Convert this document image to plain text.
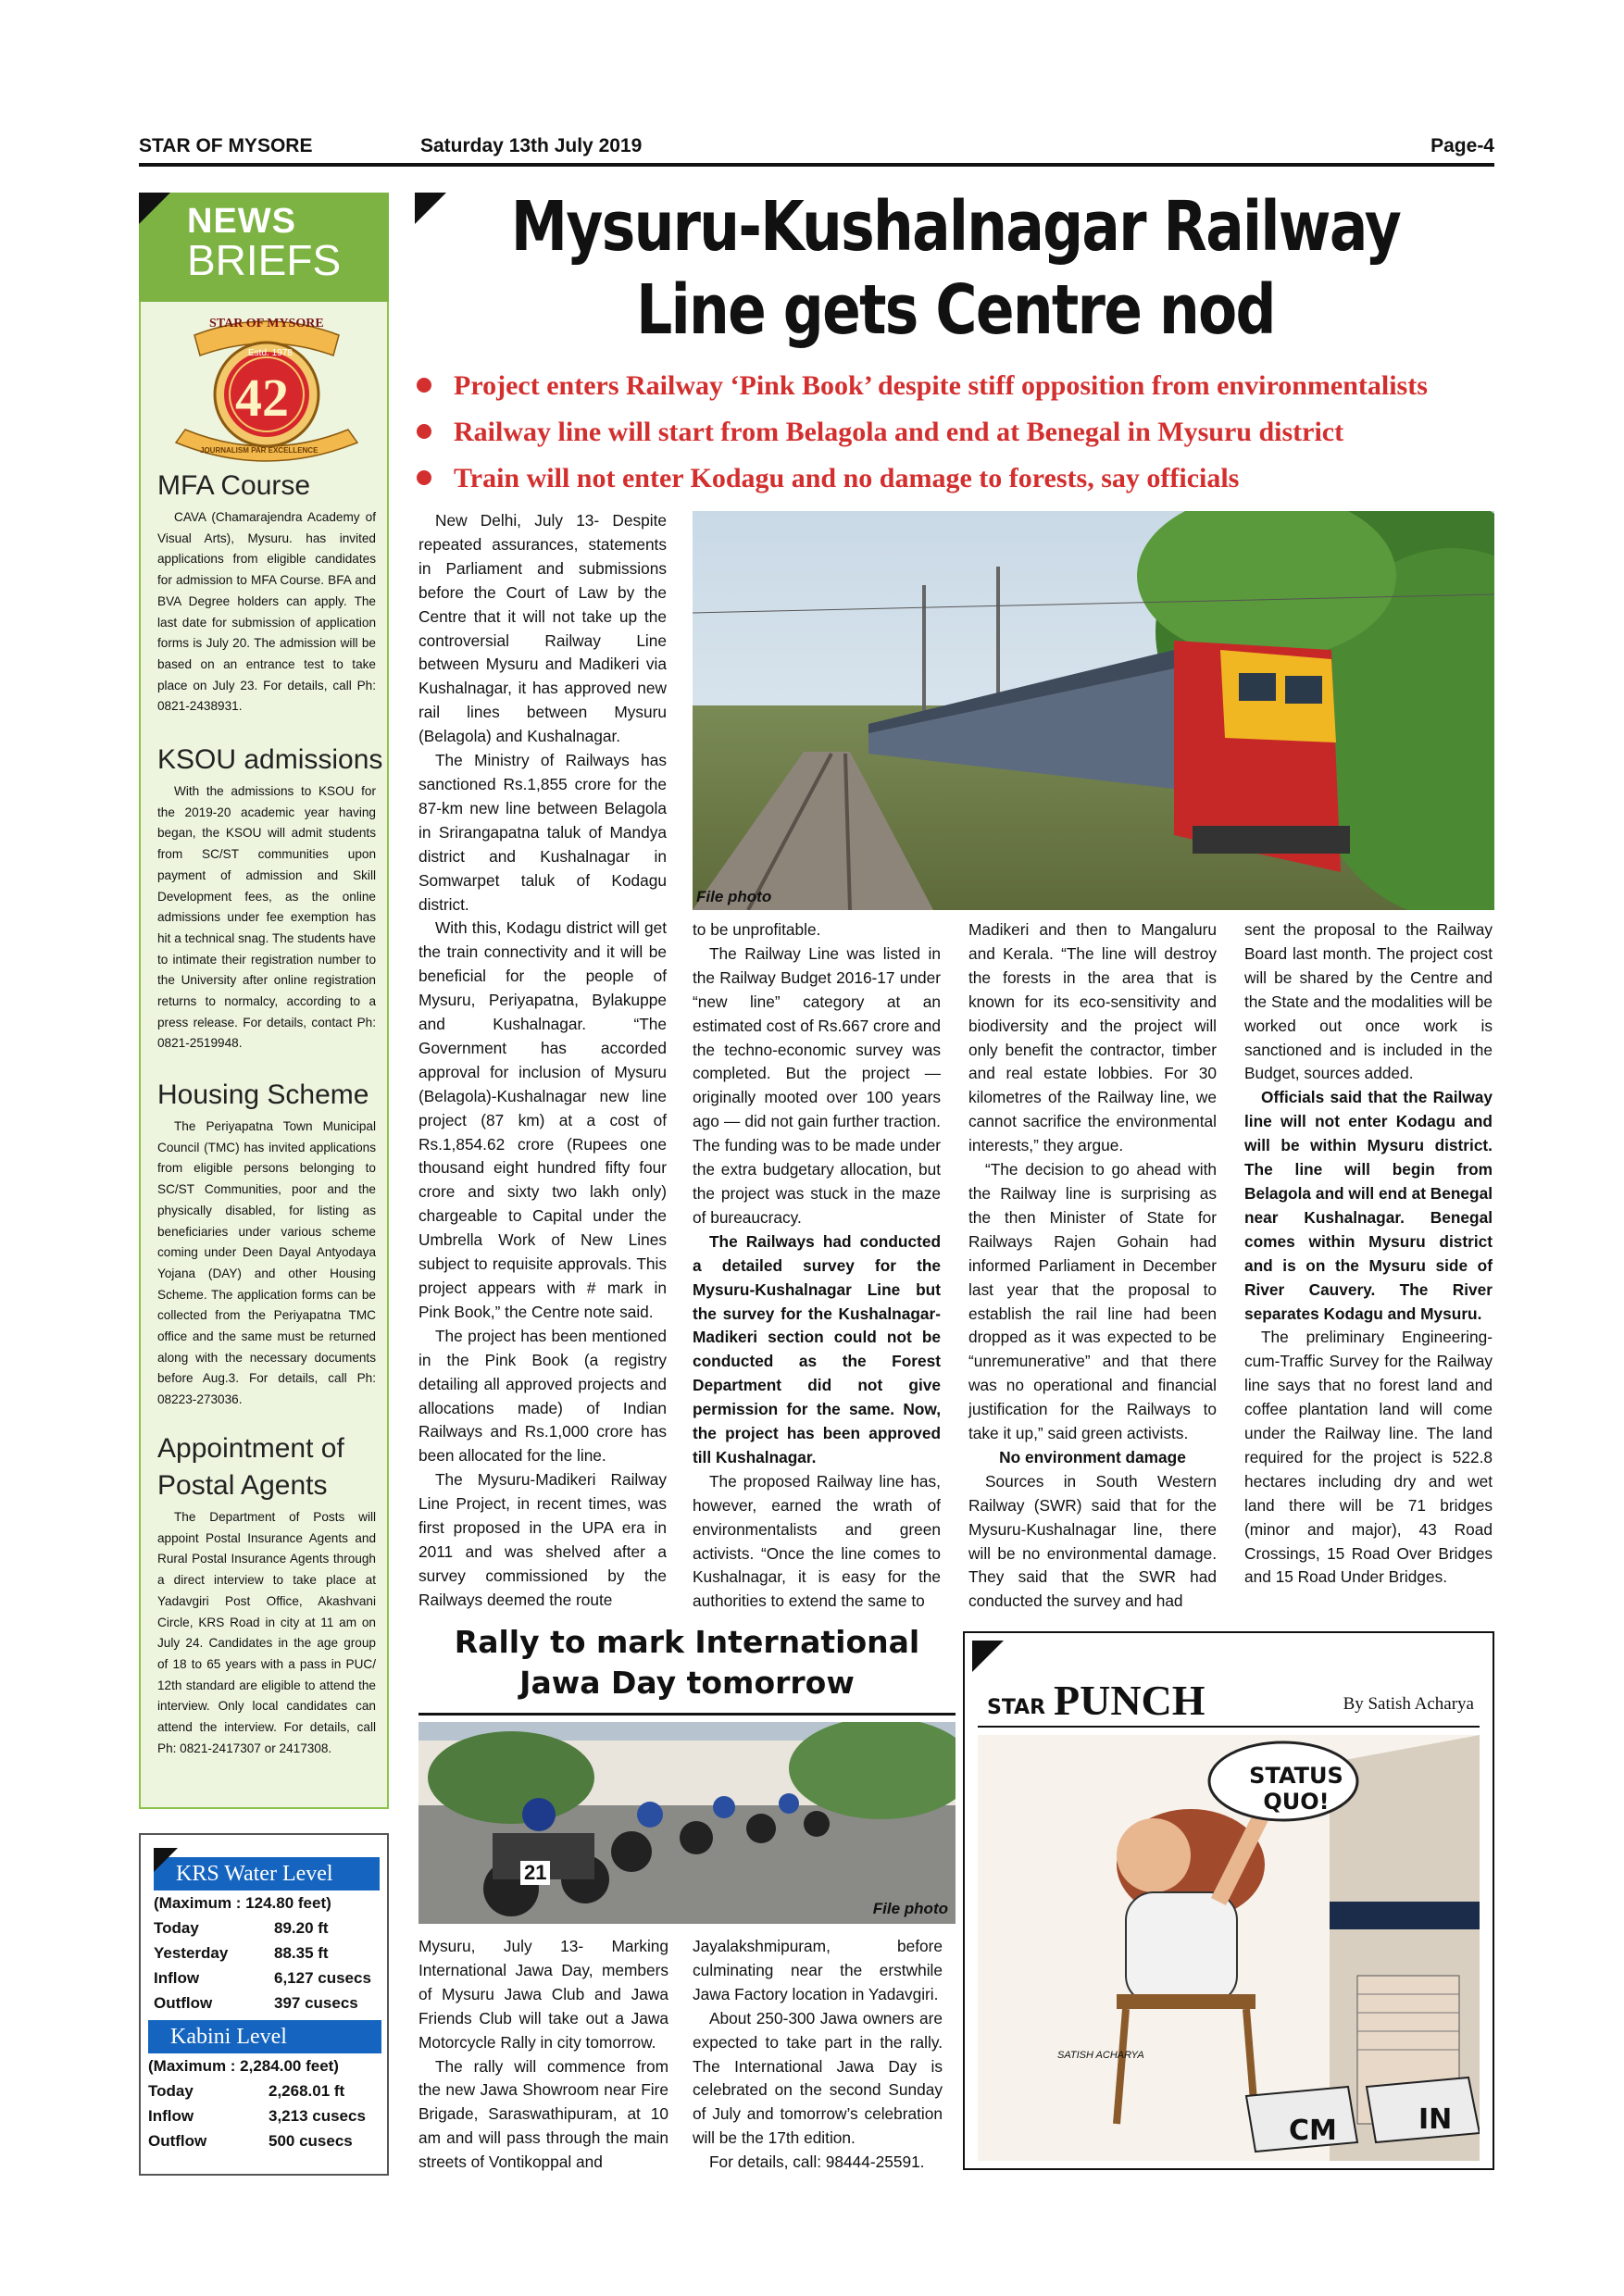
STAR OF MYSORE	Saturday 13th July 2019	Page-4
NEWS
BRIEFS
STAR OF MYSORE
Estd. 1978
42
JOURNALISM PAR EXCELLENCE
MFA Course
CAVA (Chamarajendra Academy of Visual Arts), Mysuru. has invited applications from eligible candidates for admission to MFA Course. BFA and BVA Degree holders can apply. The last date for submission of application forms is July 20. The admission will be based on an entrance test to take place on July 23. For details, call Ph: 0821-2438931.
KSOU admissions
With the admissions to KSOU for the 2019-20 academic year having began, the KSOU will admit students from SC/ST communities upon payment of admission and Skill Development fees, as the online admissions under fee exemption has hit a technical snag. The students have to intimate their registration number to the University after online registration returns to normalcy, according to a press release. For details, contact Ph: 0821-2519948.
Housing Scheme
The Periyapatna Town Municipal Council (TMC) has invited applications from eligible persons belonging to SC/ST Communities, poor and the physically disabled, for listing as beneficiaries under various scheme coming under Deen Dayal Antyodaya Yojana (DAY) and other Housing Scheme. The application forms can be collected from the Periyapatna TMC office and the same must be returned along with the necessary documents before Aug.3. For details, call Ph: 08223-273036.
Appointment of
Postal Agents
The Department of Posts will appoint Postal Insurance Agents and Rural Postal Insurance Agents through a direct interview to take place at Yadavgiri Post Office, Akashvani Circle, KRS Road in city at 11 am on July 24. Candidates in the age group of 18 to 65 years with a pass in PUC/ 12th standard are eligible to attend the interview. Only local candidates can attend the interview. For details, call Ph: 0821-2417307 or 2417308.
Mysuru-Kushalnagar Railway
Line gets Centre nod
Project enters Railway ‘Pink Book’ despite stiff opposition from environmentalists
Railway line will start from Belagola and end at Benegal in Mysuru district
Train will not enter Kodagu and no damage to forests, say officials

New Delhi, July 13- Despite repeated assurances, statements in Parliament and submissions before the Court of Law by the Centre that it will not take up the controversial Railway Line between Mysuru and Madikeri via Kushalnagar, it has approved new rail lines between Mysuru (Belagola) and Kushalnagar.

The Ministry of Railways has sanctioned Rs.1,855 crore for the 87-km new line between Belagola in Srirangapatna taluk of Mandya district and Kushalnagar in Somwarpet taluk of Kodagu district.

With this, Kodagu district will get the train connectivity and it will be beneficial for the people of Mysuru, Periyapatna, Bylakuppe and Kushalnagar. “The Government has accorded approval for inclusion of Mysuru (Belagola)-Kushalnagar new line project (87 km) at a cost of Rs.1,854.62 crore (Rupees one thousand eight hundred fifty four crore and sixty two lakh only) chargeable to Capital under the Umbrella Work of New Lines subject to requisite approvals. This project appears with # mark in Pink Book,” the Centre note said.

The project has been mentioned in the Pink Book (a registry detailing all approved projects and allocations made) of Indian Railways and Rs.1,000 crore has been allocated for the line.

The Mysuru-Madikeri Railway Line Project, in recent times, was first proposed in the UPA era in 2011 and was shelved after a survey commissioned by the Railways deemed the route

File photo

to be unprofitable.

The Railway Line was listed in the Railway Budget 2016-17 under “new line” category at an estimated cost of Rs.667 crore and the techno-economic survey was completed. But the project — originally mooted over 100 years ago — did not gain further traction. The funding was to be made under the extra budgetary allocation, but the project was stuck in the maze of bureaucracy.

The Railways had conducted a detailed survey for the Mysuru-Kushalnagar Line but the survey for the Kushalnagar-Madikeri section could not be conducted as the Forest Department did not give permission for the same. Now, the project has been approved till Kushalnagar.

The proposed Railway line has, however, earned the wrath of environmentalists and green activists. “Once the line comes to Kushalnagar, it is easy for the authorities to extend the same to

Madikeri and then to Mangaluru and Kerala. “The line will destroy the forests in the area that is known for its eco-sensitivity and biodiversity and the project will only benefit the contractor, timber and real estate lobbies. For 30 kilometres of the Railway line, we cannot sacrifice the environmental interests,” they argue.

“The decision to go ahead with the Railway line is surprising as the then Minister of State for Railways Rajen Gohain had informed Parliament in December last year that the proposal to establish the rail line had been dropped as it was expected to be “unremunerative” and that there was no operational and financial justification for the Railways to take it up,” said green activists.

No environment damage

Sources in South Western Railway (SWR) said that for the Mysuru-Kushalnagar line, there will be no environmental damage. They said that the SWR had conducted the survey and had

sent the proposal to the Railway Board last month. The project cost will be shared by the Centre and the State and the modalities will be worked out once work is sanctioned and is included in the Budget, sources added.

Officials said that the Railway line will not enter Kodagu and will be within Mysuru district. The line will begin from Belagola and will end at Benegal near Kushalnagar. Benegal comes within Mysuru district and is on the Mysuru side of River Cauvery. The River separates Kodagu and Mysuru.

The preliminary Engineering-cum-Traffic Survey for the Railway line says that no forest land and coffee plantation land will come under the Railway line. The land required for the project is 522.8 hectares including dry and wet land there will be 71 bridges (minor and major), 43 Road Crossings, 15 Road Over Bridges and 15 Road Under Bridges.

Rally to mark International
Jawa Day tomorrow
21
File photo

Mysuru, July 13- Marking International Jawa Day, members of Mysuru Jawa Club and Jawa Friends Club will take out a Jawa Motorcycle Rally in city tomorrow.

The rally will commence from the new Jawa Showroom near Fire Brigade, Saraswathipuram, at 10 am and will pass through the main streets of Vontikoppal and

Jayalakshmipuram, before culminating near the erstwhile Jawa Factory location in Yadavgiri.

About 250-300 Jawa owners are expected to take part in the rally. The International Jawa Day is celebrated on the second Sunday of July and tomorrow’s celebration will be the 17th edition.

For details, call: 98444-25591.

KRS Water Level
(Maximum : 124.80 feet)
Today	89.20 ft
Yesterday	88.35 ft
Inflow	6,127 cusecs
Outflow	397 cusecs
Kabini Level
(Maximum : 2,284.00 feet)
Today	2,268.01 ft
Inflow	3,213 cusecs
Outflow	500 cusecs
STAR PUNCH	By Satish Acharya
STATUS QUO!
CM	IN
SATISH ACHARYA
